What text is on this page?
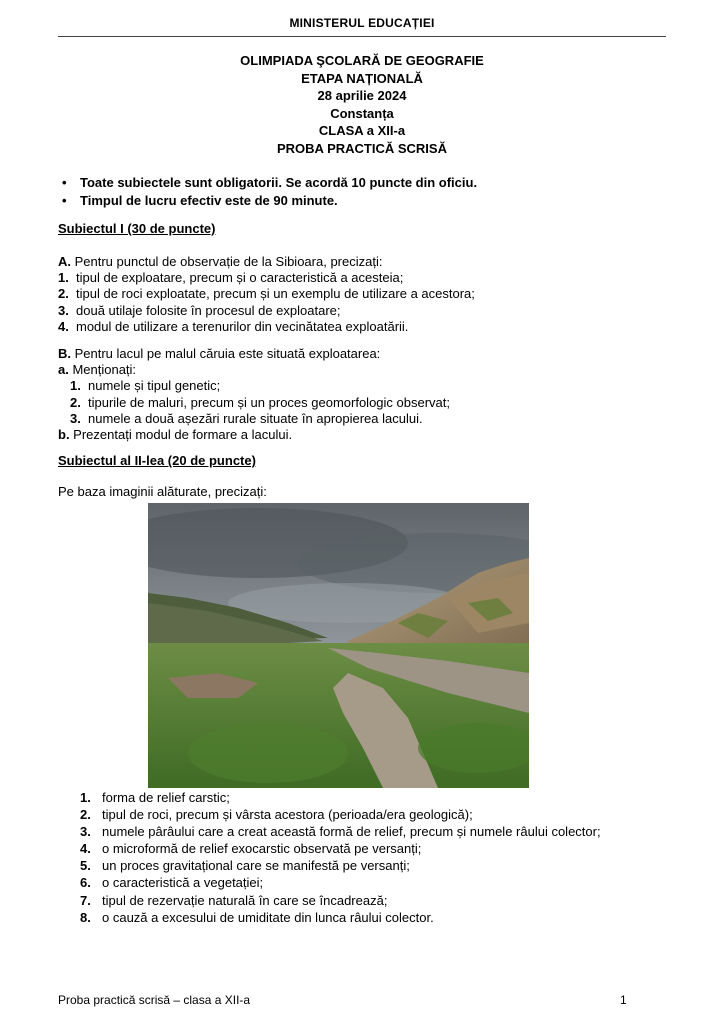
MINISTERUL EDUCAȚIEI
OLIMPIADA ŞCOLARĂ DE GEOGRAFIE
ETAPA NAȚIONALĂ
28 aprilie 2024
Constanța
CLASA a XII-a
PROBA PRACTICĂ SCRISĂ
• Toate subiectele sunt obligatorii. Se acordă 10 puncte din oficiu.
• Timpul de lucru efectiv este de 90 minute.
Subiectul I (30 de puncte)
A. Pentru punctul de observație de la Sibioara, precizați:
1. tipul de exploatare, precum și o caracteristică a acesteia;
2. tipul de roci exploatate, precum și un exemplu de utilizare a acestora;
3. două utilaje folosite în procesul de exploatare;
4. modul de utilizare a terenurilor din vecinătatea exploatării.
B. Pentru lacul pe malul căruia este situată exploatarea:
a. Menționați:
1. numele și tipul genetic;
2. tipurile de maluri, precum și un proces geomorfologic observat;
3. numele a două așezări rurale situate în apropierea lacului.
b. Prezentați modul de formare a lacului.
Subiectul al II-lea (20 de puncte)
Pe baza imaginii alăturate, precizați:
1. forma de relief carstic;
2. tipul de roci, precum și vârsta acestora (perioada/era geologică);
3. numele pârâului care a creat această formă de relief, precum și numele râului colector;
4. o microformă de relief exocarstic observată pe versanți;
5. un proces gravitațional care se manifestă pe versanți;
6. o caracteristică a vegetației;
7. tipul de rezervație naturală în care se încadrează;
8. o cauză a excesului de umiditate din lunca râului colector.
Proba practică scrisă – clasa a XII-a	1
